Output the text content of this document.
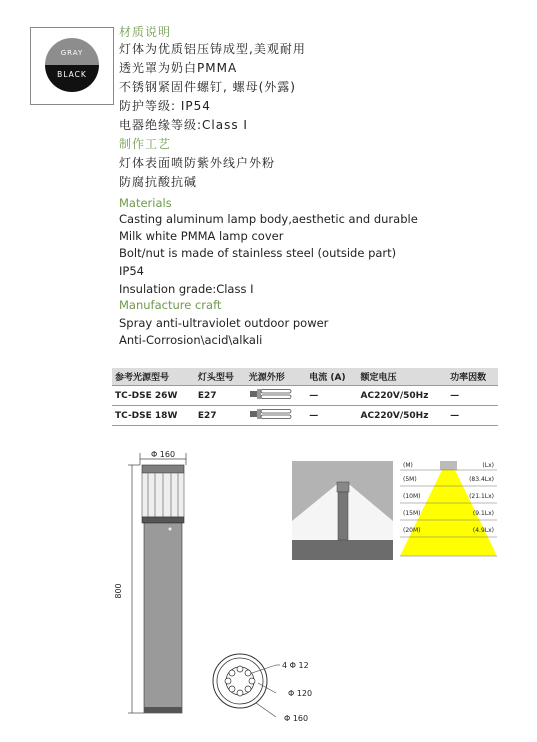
GRAY
BLACK
材质说明
灯体为优质铝压铸成型,美观耐用
透光罩为奶白PMMA
不锈钢紧固件螺钉, 螺母(外露)
防护等级: IP54
电器绝缘等级:Class Ⅰ
制作工艺
灯体表面喷防紫外线户外粉
防腐抗酸抗碱
Materials
Casting aluminum lamp body,aesthetic and durable
Milk white PMMA lamp cover
Bolt/nut is made of stainless steel (outside part)
IP54
Insulation grade:Class Ⅰ
Manufacture craft
Spray anti-ultraviolet outdoor power
Anti-Corrosion\acid\alkali
参考光源型号	灯头型号	光源外形	电流 (A)	额定电压	功率因数
TC-DSE 26W	E27		—	AC220V/50Hz	—
TC-DSE 18W	E27		—	AC220V/50Hz	—
Φ 160
800
4 Φ 12
Φ 120
Φ 160
(M)	(Lx)
(5M)	(83.4Lx)
(10M)	(21.1Lx)
(15M)	(9.1Lx)
(20M)	(4.9Lx)
